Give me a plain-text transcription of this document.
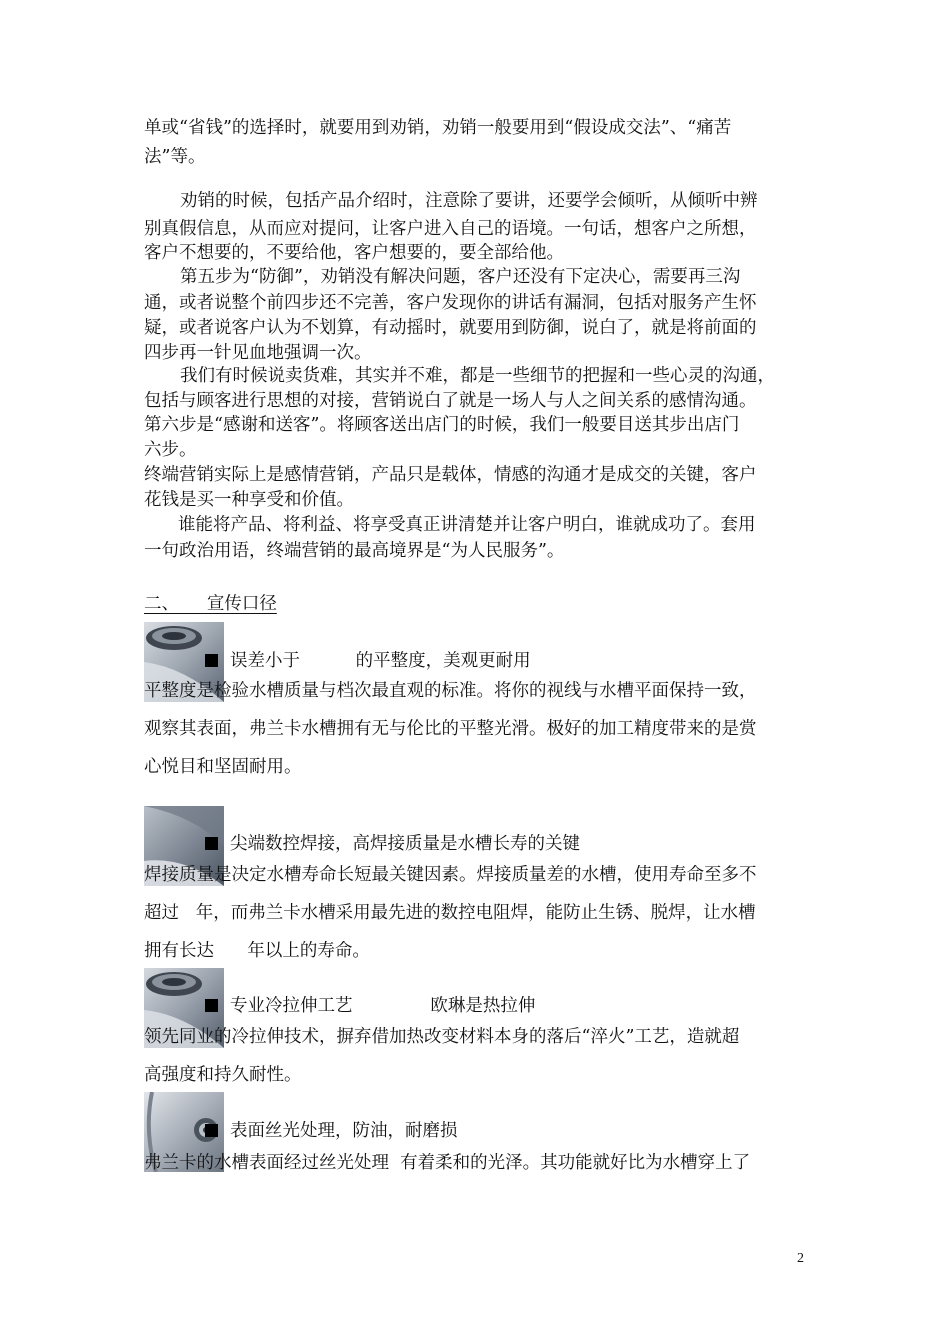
单或“省钱”的选择时，就要用到劝销，劝销一般要用到“假设成交法”、“痛苦
法”等。
劝销的时候，包括产品介绍时，注意除了要讲，还要学会倾听，从倾听中辨
别真假信息，从而应对提问，让客户进入自己的语境。一句话，想客户之所想，
客户不想要的，不要给他，客户想要的，要全部给他。
第五步为“防御”，劝销没有解决问题，客户还没有下定决心，需要再三沟
通，或者说整个前四步还不完善，客户发现你的讲话有漏洞，包括对服务产生怀
疑，或者说客户认为不划算，有动摇时，就要用到防御，说白了，就是将前面的
四步再一针见血地强调一次。
我们有时候说卖货难，其实并不难，都是一些细节的把握和一些心灵的沟通，
包括与顾客进行思想的对接，营销说白了就是一场人与人之间关系的感情沟通。
第六步是“感谢和送客”。将顾客送出店门的时候，我们一般要目送其步出店门
六步。
终端营销实际上是感情营销，产品只是载体，情感的沟通才是成交的关键，客户
花钱是买一种享受和价值。
谁能将产品、将利益、将享受真正讲清楚并让客户明白，谁就成功了。套用
一句政治用语，终端营销的最高境界是“为人民服务”。
二、     宣传口径
误差小于          的平整度，美观更耐用
平整度是检验水槽质量与档次最直观的标准。将你的视线与水槽平面保持一致，
观察其表面，弗兰卡水槽拥有无与伦比的平整光滑。极好的加工精度带来的是赏
心悦目和坚固耐用。
尖端数控焊接，高焊接质量是水槽长寿的关键
焊接质量是决定水槽寿命长短最关键因素。焊接质量差的水槽，使用寿命至多不
超过   年，而弗兰卡水槽采用最先进的数控电阻焊，能防止生锈、脱焊，让水槽
拥有长达      年以上的寿命。
专业冷拉伸工艺              欧琳是热拉伸
领先同业的冷拉伸技术，摒弃借加热改变材料本身的落后“淬火”工艺，造就超
高强度和持久耐性。
表面丝光处理，防油，耐磨损
弗兰卡的水槽表面经过丝光处理  有着柔和的光泽。其功能就好比为水槽穿上了
2
